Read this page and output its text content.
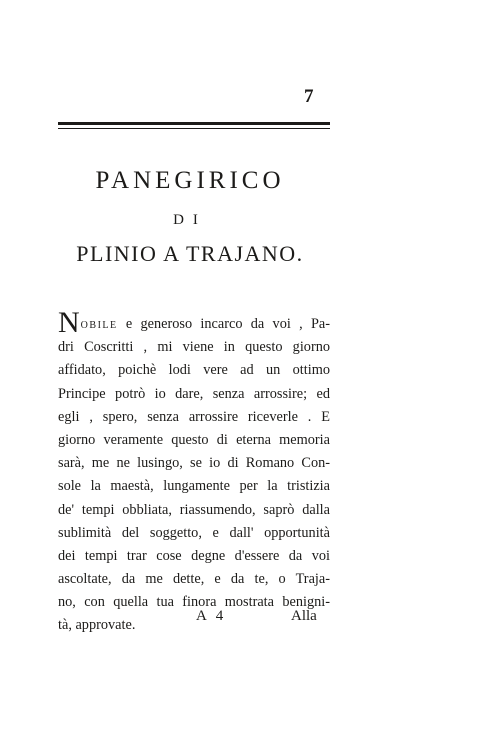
7
PANEGIRICO
DI
PLINIO A TRAJANO.
Nobile e generoso incarco da voi , Pa-
dri Coscritti , mi viene in questo giorno
affidato, poichè lodi vere ad un ottimo
Principe potrò io dare, senza arrossire; ed
egli , spero, senza arrossire riceverle . E
giorno veramente questo di eterna memoria
sarà, me ne lusingo, se io di Romano Con-
sole la maestà, lungamente per la tristizia
de' tempi obbliata, riassumendo, saprò dalla
sublimità del soggetto, e dall' opportunità
dei tempi trar cose degne d'essere da voi
ascoltate, da me dette, e da te, o Traja-
no, con quella tua finora mostrata benigni-
tà, approvate.
A 4	Alla
